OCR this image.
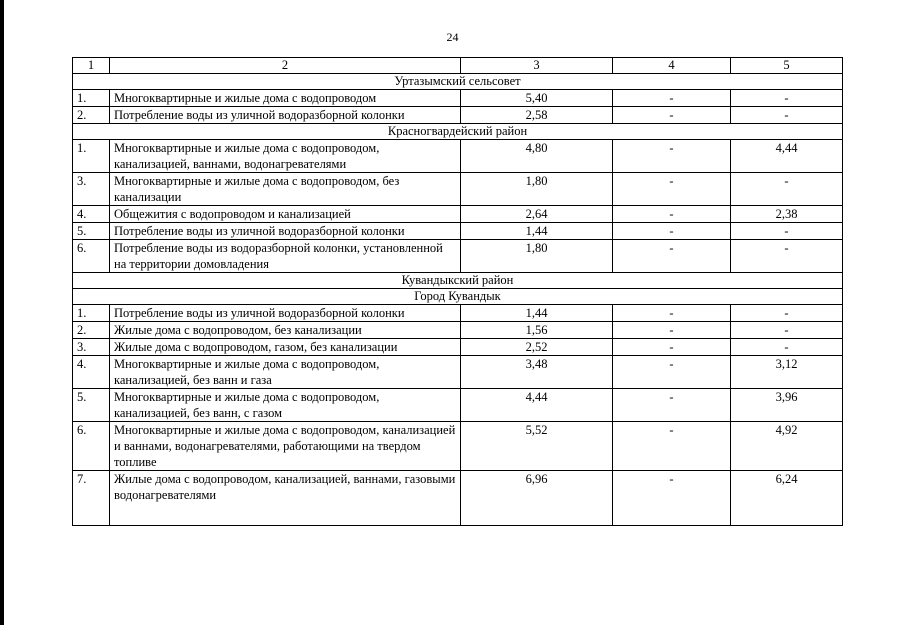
24
1	2	3	4	5
Уртазымский сельсовет				
1.	Многоквартирные и жилые дома с водопроводом	5,40	-	-
2.	Потребление воды из уличной водоразборной колонки	2,58	-	-
Красногвардейский район				
1.	Многоквартирные и жилые дома с водопроводом, канализацией, ваннами, водонагревателями	4,80	-	4,44
3.	Многоквартирные и жилые дома с водопроводом, без канализации	1,80	-	-
4.	Общежития с водопроводом и канализацией	2,64	-	2,38
5.	Потребление воды из уличной водоразборной колонки	1,44	-	-
6.	Потребление воды из водоразборной колонки, установленной на территории домовладения	1,80	-	-
Кувандыкский район				
Город Кувандык				
1.	Потребление воды из уличной водоразборной колонки	1,44	-	-
2.	Жилые дома с водопроводом, без канализации	1,56	-	-
3.	Жилые дома с водопроводом, газом, без канализации	2,52	-	-
4.	Многоквартирные и жилые дома с водопроводом, канализацией, без ванн и газа	3,48	-	3,12
5.	Многоквартирные и жилые дома с водопроводом, канализацией, без ванн, с газом	4,44	-	3,96
6.	Многоквартирные и жилые дома с водопроводом, канализацией и ваннами, водонагревателями, работающими на твердом топливе	5,52	-	4,92
7.	Жилые дома с водопроводом, канализацией, ваннами, газовыми водонагревателями	6,96	-	6,24
